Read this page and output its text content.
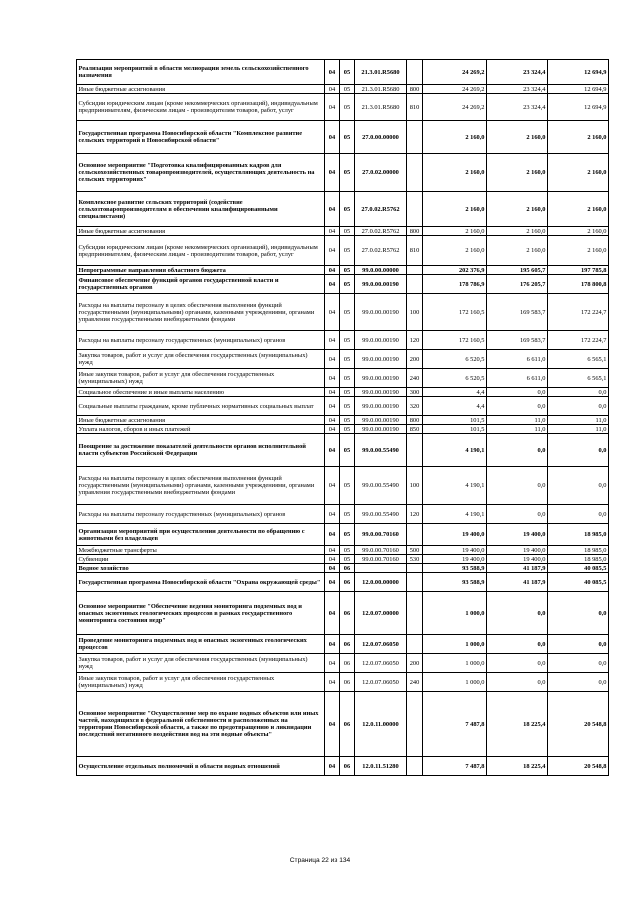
Реализация мероприятий в области мелиорации земель сельскохозяйственного назначения	04	05	21.3.01.R5680		24 269,2	23 324,4	12 694,9
Иные бюджетные ассигнования	04	05	21.3.01.R5680	800	24 269,2	23 324,4	12 694,9
Субсидии юридическим лицам (кроме некоммерческих организаций), индивидуальным предпринимателям, физическим лицам - производителям товаров, работ, услуг	04	05	21.3.01.R5680	810	24 269,2	23 324,4	12 694,9
Государственная программа Новосибирской области "Комплексное развитие сельских территорий в Новосибирской области"	04	05	27.0.00.00000		2 160,0	2 160,0	2 160,0
Основное мероприятие "Подготовка квалифицированных кадров для сельскохозяйственных товаропроизводителей, осуществляющих деятельность на сельских территориях"	04	05	27.0.02.00000		2 160,0	2 160,0	2 160,0
Комплексное развитие сельских территорий (содействие сельхозтоваропроизводителям в обеспечении квалифицированными специалистами)	04	05	27.0.02.R5762		2 160,0	2 160,0	2 160,0
Иные бюджетные ассигнования	04	05	27.0.02.R5762	800	2 160,0	2 160,0	2 160,0
Субсидии юридическим лицам (кроме некоммерческих организаций), индивидуальным предпринимателям, физическим лицам - производителям товаров, работ, услуг	04	05	27.0.02.R5762	810	2 160,0	2 160,0	2 160,0
Непрограммные направления областного бюджета	04	05	99.0.00.00000		202 376,9	195 605,7	197 785,8
Финансовое обеспечение функций органов государственной власти и государственных органов	04	05	99.0.00.00190		178 786,9	176 205,7	178 800,8
Расходы на выплаты персоналу в целях обеспечения выполнения функций государственными (муниципальными) органами, казенными учреждениями, органами управления государственными внебюджетными фондами	04	05	99.0.00.00190	100	172 160,5	169 583,7	172 224,7
Расходы на выплаты персоналу государственных (муниципальных) органов	04	05	99.0.00.00190	120	172 160,5	169 583,7	172 224,7
Закупка товаров, работ и услуг для обеспечения государственных (муниципальных) нужд	04	05	99.0.00.00190	200	6 520,5	6 611,0	6 565,1
Иные закупки товаров, работ и услуг для обеспечения государственных (муниципальных) нужд	04	05	99.0.00.00190	240	6 520,5	6 611,0	6 565,1
Социальное обеспечение и иные выплаты населению	04	05	99.0.00.00190	300	4,4	0,0	0,0
Социальные выплаты гражданам, кроме публичных нормативных социальных выплат	04	05	99.0.00.00190	320	4,4	0,0	0,0
Иные бюджетные ассигнования	04	05	99.0.00.00190	800	101,5	11,0	11,0
Уплата налогов, сборов и иных платежей	04	05	99.0.00.00190	850	101,5	11,0	11,0
Поощрение за достижение показателей деятельности органов исполнительной власти субъектов Российской Федерации	04	05	99.0.00.55490		4 190,1	0,0	0,0
Расходы на выплаты персоналу в целях обеспечения выполнения функций государственными (муниципальными) органами, казенными учреждениями, органами управления государственными внебюджетными фондами	04	05	99.0.00.55490	100	4 190,1	0,0	0,0
Расходы на выплаты персоналу государственных (муниципальных) органов	04	05	99.0.00.55490	120	4 190,1	0,0	0,0
Организация мероприятий при осуществлении деятельности по обращению с животными без владельцев	04	05	99.0.00.70160		19 400,0	19 400,0	18 985,0
Межбюджетные трансферты	04	05	99.0.00.70160	500	19 400,0	19 400,0	18 985,0
Субвенции	04	05	99.0.00.70160	530	19 400,0	19 400,0	18 985,0
Водное хозяйство	04	06			93 588,9	41 187,9	40 085,5
Государственная программа Новосибирской области "Охрана окружающей среды"	04	06	12.0.00.00000		93 588,9	41 187,9	40 085,5
Основное мероприятие "Обеспечение ведения мониторинга подземных вод и опасных экзогенных геологических процессов в рамках государственного мониторинга состояния недр"	04	06	12.0.07.00000		1 000,0	0,0	0,0
Проведение мониторинга подземных вод и опасных экзогенных геологических процессов	04	06	12.0.07.06050		1 000,0	0,0	0,0
Закупка товаров, работ и услуг для обеспечения государственных (муниципальных) нужд	04	06	12.0.07.06050	200	1 000,0	0,0	0,0
Иные закупки товаров, работ и услуг для обеспечения государственных (муниципальных) нужд	04	06	12.0.07.06050	240	1 000,0	0,0	0,0
Основное мероприятие "Осуществление мер по охране водных объектов или иных частей, находящихся в федеральной собственности и расположенных на территории Новосибирской области, а также по предотвращению и ликвидации последствий негативного воздействия вод на эти водные объекты"	04	06	12.0.11.00000		7 487,8	18 225,4	20 548,8
Осуществление отдельных полномочий в области водных отношений	04	06	12.0.11.51280		7 487,8	18 225,4	20 548,8
Страница 22 из 134
